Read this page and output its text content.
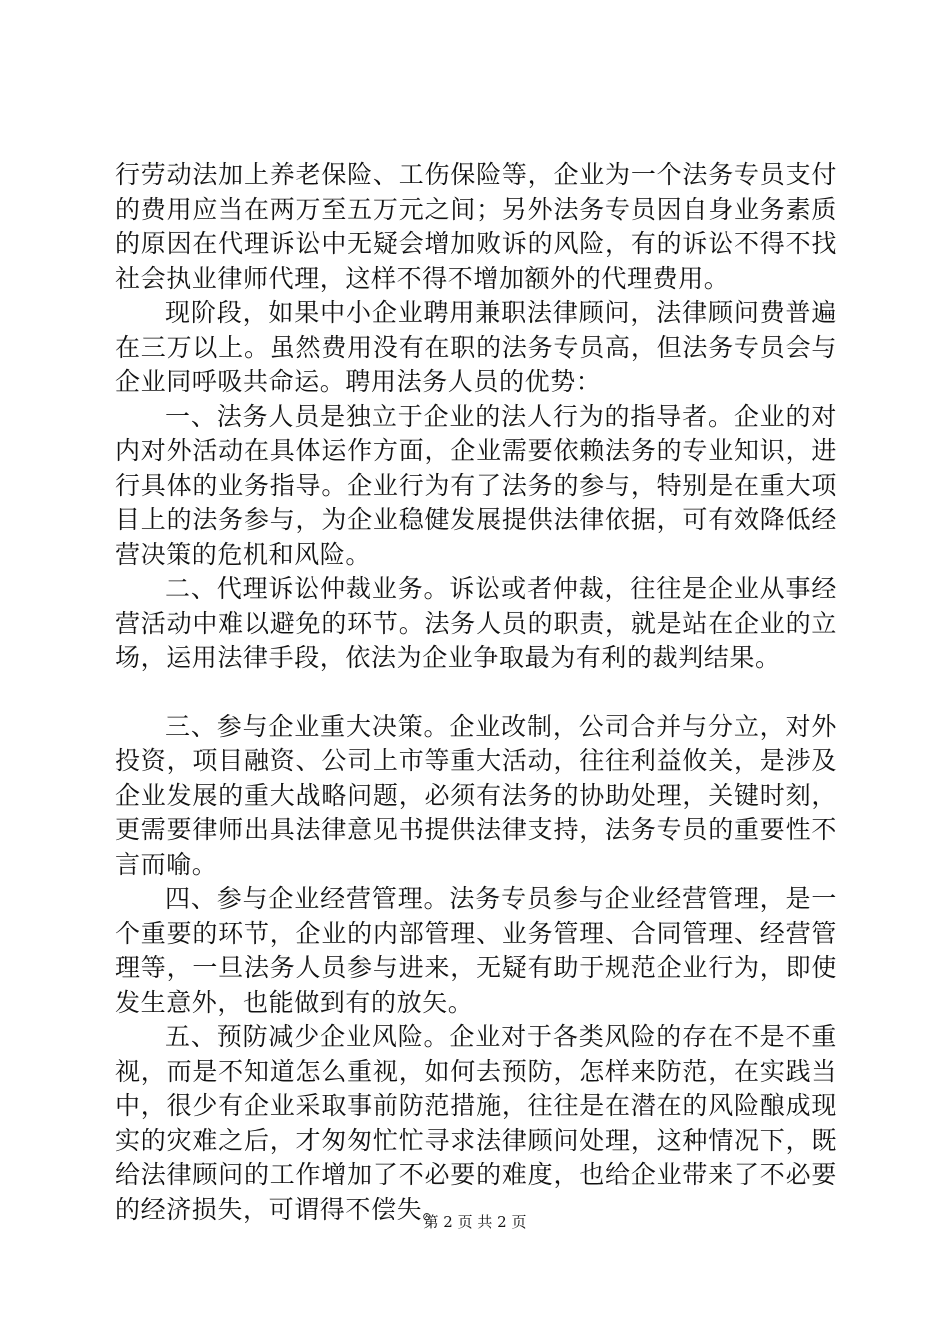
行劳动法加上养老保险、工伤保险等，企业为一个法务专员支付的费用应当在两万至五万元之间；另外法务专员因自身业务素质的原因在代理诉讼中无疑会增加败诉的风险，有的诉讼不得不找社会执业律师代理，这样不得不增加额外的代理费用。

现阶段，如果中小企业聘用兼职法律顾问，法律顾问费普遍在三万以上。虽然费用没有在职的法务专员高，但法务专员会与企业同呼吸共命运。聘用法务人员的优势：

一、法务人员是独立于企业的法人行为的指导者。企业的对内对外活动在具体运作方面，企业需要依赖法务的专业知识，进行具体的业务指导。企业行为有了法务的参与，特别是在重大项目上的法务参与，为企业稳健发展提供法律依据，可有效降低经营决策的危机和风险。

二、代理诉讼仲裁业务。诉讼或者仲裁，往往是企业从事经营活动中难以避免的环节。法务人员的职责，就是站在企业的立场，运用法律手段，依法为企业争取最为有利的裁判结果。

三、参与企业重大决策。企业改制，公司合并与分立，对外投资，项目融资、公司上市等重大活动，往往利益攸关，是涉及企业发展的重大战略问题，必须有法务的协助处理，关键时刻，更需要律师出具法律意见书提供法律支持，法务专员的重要性不言而喻。

四、参与企业经营管理。法务专员参与企业经营管理，是一个重要的环节，企业的内部管理、业务管理、合同管理、经营管理等，一旦法务人员参与进来，无疑有助于规范企业行为，即使发生意外，也能做到有的放矢。

五、预防减少企业风险。企业对于各类风险的存在不是不重视，而是不知道怎么重视，如何去预防，怎样来防范，在实践当中，很少有企业采取事前防范措施，往往是在潜在的风险酿成现实的灾难之后，才匆匆忙忙寻求法律顾问处理，这种情况下，既给法律顾问的工作增加了不必要的难度，也给企业带来了不必要的经济损失，可谓得不偿失。

第 2 页 共 2 页
